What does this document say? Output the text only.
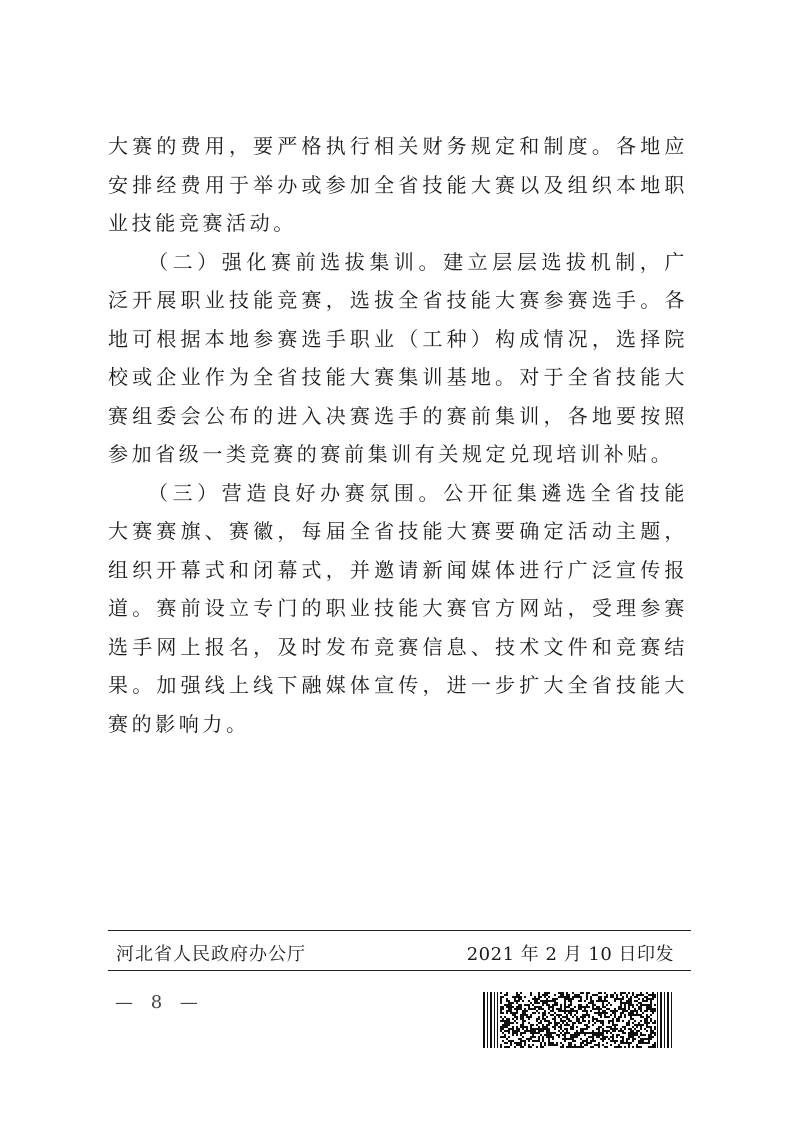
大赛的费用，要严格执行相关财务规定和制度。各地应安排经费用于举办或参加全省技能大赛以及组织本地职业技能竞赛活动。

（二）强化赛前选拔集训。建立层层选拔机制，广泛开展职业技能竞赛，选拔全省技能大赛参赛选手。各地可根据本地参赛选手职业（工种）构成情况，选择院校或企业作为全省技能大赛集训基地。对于全省技能大赛组委会公布的进入决赛选手的赛前集训，各地要按照参加省级一类竞赛的赛前集训有关规定兑现培训补贴。

（三）营造良好办赛氛围。公开征集遴选全省技能大赛赛旗、赛徽，每届全省技能大赛要确定活动主题，组织开幕式和闭幕式，并邀请新闻媒体进行广泛宣传报道。赛前设立专门的职业技能大赛官方网站，受理参赛选手网上报名，及时发布竞赛信息、技术文件和竞赛结果。加强线上线下融媒体宣传，进一步扩大全省技能大赛的影响力。

河北省人民政府办公厅	2021 年 2 月 10 日印发
— 8 —
